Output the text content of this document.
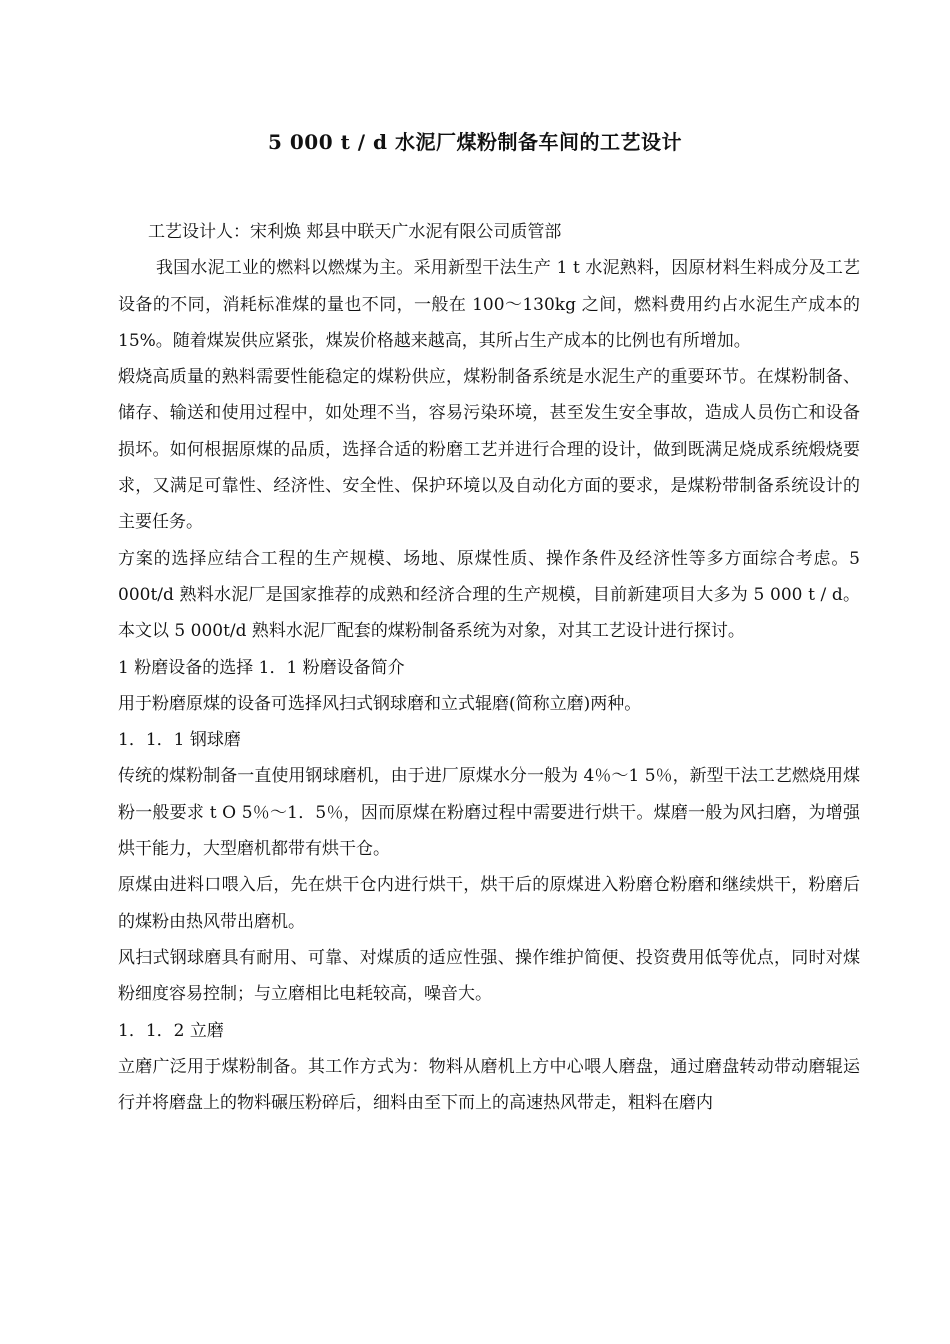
5 000 t / d 水泥厂煤粉制备车间的工艺设计

工艺设计人：宋利焕 郏县中联天广水泥有限公司质管部

我国水泥工业的燃料以燃煤为主。采用新型干法生产 1 t 水泥熟料，因原材料生料成分及工艺设备的不同，消耗标准煤的量也不同，一般在 100～130kg 之间，燃料费用约占水泥生产成本的 15%。随着煤炭供应紧张，煤炭价格越来越高，其所占生产成本的比例也有所增加。

煅烧高质量的熟料需要性能稳定的煤粉供应，煤粉制备系统是水泥生产的重要环节。在煤粉制备、储存、输送和使用过程中，如处理不当，容易污染环境，甚至发生安全事故，造成人员伤亡和设备损坏。如何根据原煤的品质，选择合适的粉磨工艺并进行合理的设计，做到既满足烧成系统煅烧要求，又满足可靠性、经济性、安全性、保护环境以及自动化方面的要求，是煤粉带制备系统设计的主要任务。

方案的选择应结合工程的生产规模、场地、原煤性质、操作条件及经济性等多方面综合考虑。5 000t/d 熟料水泥厂是国家推荐的成熟和经济合理的生产规模，目前新建项目大多为 5 000 t / d。本文以 5 000t/d 熟料水泥厂配套的煤粉制备系统为对象，对其工艺设计进行探讨。

1 粉磨设备的选择 1．1 粉磨设备简介

用于粉磨原煤的设备可选择风扫式钢球磨和立式辊磨(简称立磨)两种。

1．1．1 钢球磨

传统的煤粉制备一直使用钢球磨机，由于进厂原煤水分一般为 4％～1 5％，新型干法工艺燃烧用煤粉一般要求 t O 5％～1．5％，因而原煤在粉磨过程中需要进行烘干。煤磨一般为风扫磨，为增强烘干能力，大型磨机都带有烘干仓。

原煤由进料口喂入后，先在烘干仓内进行烘干，烘干后的原煤进入粉磨仓粉磨和继续烘干，粉磨后的煤粉由热风带出磨机。

风扫式钢球磨具有耐用、可靠、对煤质的适应性强、操作维护简便、投资费用低等优点，同时对煤粉细度容易控制；与立磨相比电耗较高，噪音大。

1．1．2 立磨

立磨广泛用于煤粉制备。其工作方式为：物料从磨机上方中心喂人磨盘，通过磨盘转动带动磨辊运行并将磨盘上的物料碾压粉碎后，细料由至下而上的高速热风带走，粗料在磨内
